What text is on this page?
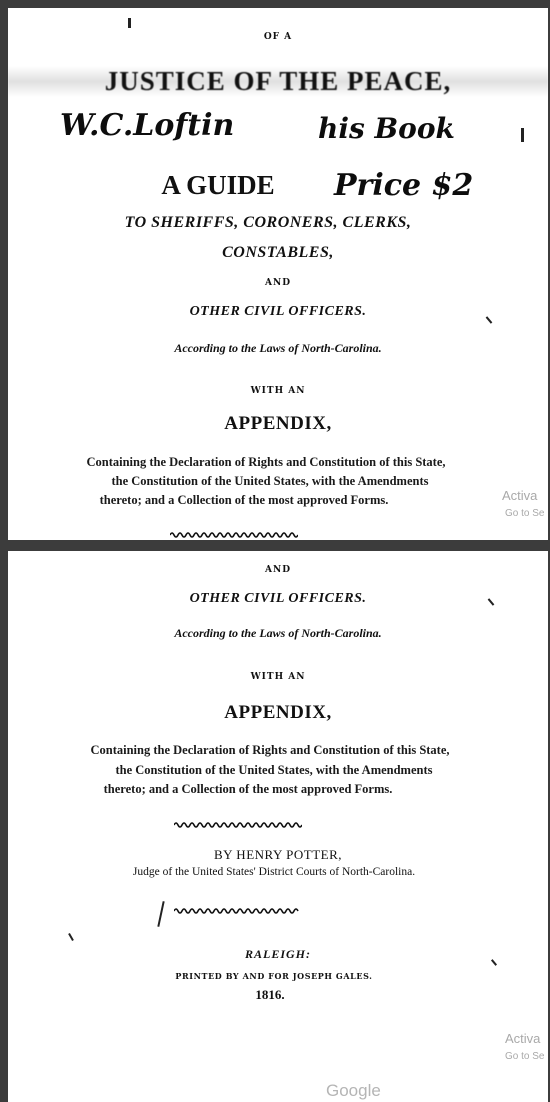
OF A
JUSTICE OF THE PEACE,
W.C.Loftin	his Book
A GUIDE	Price $2
TO SHERIFFS, CORONERS, CLERKS,
CONSTABLES,
AND
OTHER CIVIL OFFICERS.
According to the Laws of North-Carolina.
WITH AN
APPENDIX,
Containing the Declaration of Rights and Constitution of this State,
the Constitution of the United States, with the Amendments
thereto; and a Collection of the most approved Forms.	Activa
Go to Se
AND
OTHER CIVIL OFFICERS.
According to the Laws of North-Carolina.
WITH AN
APPENDIX,
Containing the Declaration of Rights and Constitution of this State,
the Constitution of the United States, with the Amendments
thereto; and a Collection of the most approved Forms.
BY HENRY POTTER,
Judge of the United States' District Courts of North-Carolina.
RALEIGH:
PRINTED BY AND FOR JOSEPH GALES.
1816.
Activa
Go to Se
Google
